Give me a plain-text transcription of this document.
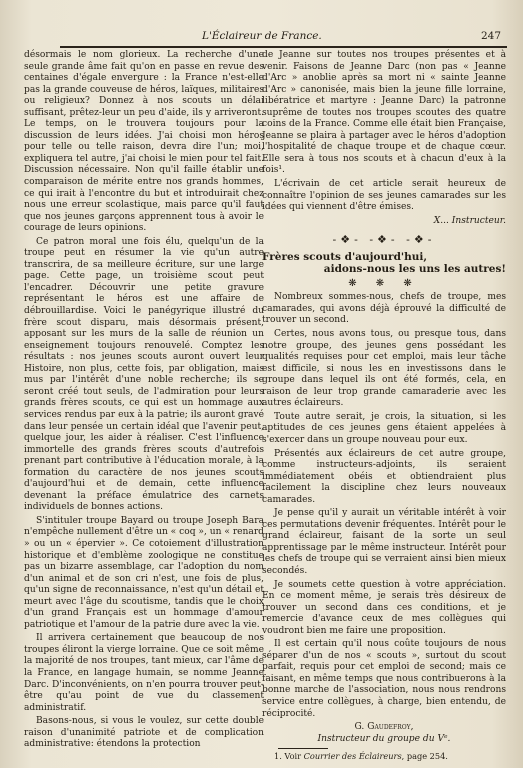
L'Éclaireur de France.	247

désormais le nom glorieux. La recherche d'une seule grande âme fait qu'on en passe en revue des centaines d'égale envergure : la France n'est-elle pas la grande couveuse de héros, laïques, militaires ou religieux? Donnez à nos scouts un délai suffisant, prêtez-leur un peu d'aide, ils y arriveront. Le temps, on le trouvera toujours pour la discussion de leurs idées. J'ai choisi mon héros pour telle ou telle raison, devra dire l'un; moi, expliquera tel autre, j'ai choisi le mien pour tel fait. Discussion nécessaire. Non qu'il faille établir une comparaison de mérite entre nos grands hommes, ce qui irait à l'encontre du but et introduirait chez nous une erreur scolastique, mais parce qu'il faut que nos jeunes garçons apprennent tous à avoir le courage de leurs opinions.

Ce patron moral une fois élu, quelqu'un de la troupe peut en résumer la vie qu'un autre transcrira, de sa meilleure écriture, sur une large page. Cette page, un troisième scout peut l'encadrer. Découvrir une petite gravure représentant le héros est une affaire de débrouillardise. Voici le panégyrique illustré du frère scout disparu, mais désormais présent, apposant sur les murs de la salle de réunion un enseignement toujours renouvelé. Comptez les résultats : nos jeunes scouts auront ouvert leur Histoire, non plus, cette fois, par obligation, mais mus par l'intérêt d'une noble recherche; ils se seront créé tout seuls, de l'admiration pour leurs grands frères scouts, ce qui est un hommage aux services rendus par eux à la patrie; ils auront gravé dans leur pensée un certain idéal que l'avenir peut, quelque jour, les aider à réaliser. C'est l'influence immortelle des grands frères scouts d'autrefois prenant part contributive à l'éducation morale, à la formation du caractère de nos jeunes scouts d'aujourd'hui et de demain, cette influence devenant la préface émulatrice des carnets individuels de bonnes actions.

S'intituler troupe Bayard ou troupe Joseph Bara n'empêche nullement d'être un « coq », un « renard » ou un « épervier ». Ce cotoiement d'illustration historique et d'emblème zoologique ne constitue pas un bizarre assemblage, car l'adoption du nom d'un animal et de son cri n'est, une fois de plus, qu'un signe de reconnaissance, n'est qu'un détail et meurt avec l'âge du scoutisme, tandis que le choix d'un grand Français est un hommage d'amour patriotique et l'amour de la patrie dure avec la vie.

Il arrivera certainement que beaucoup de nos troupes éliront la vierge lorraine. Que ce soit même la majorité de nos troupes, tant mieux, car l'âme de la France, en langage humain, se nomme Jeanne Darc. D'inconvénients, on n'en pourra trouver peut-être qu'au point de vue du classement administratif.

Basons-nous, si vous le voulez, sur cette double raison d'unanimité patriote et de complication administrative: étendons la protection

de Jeanne sur toutes nos troupes présentes et à venir. Faisons de Jeanne Darc (non pas « Jeanne d'Arc » anoblie après sa mort ni « sainte Jeanne d'Arc » canonisée, mais bien la jeune fille lorraine, libératrice et martyre : Jeanne Darc) la patronne suprême de toutes nos troupes scoutes des quatre coins de la France. Comme elle était bien Française, Jeanne se plaira à partager avec le héros d'adoption l'hospitalité de chaque troupe et de chaque cœur. Elle sera à tous nos scouts et à chacun d'eux à la fois¹.

L'écrivain de cet article serait heureux de connaître l'opinion de ses jeunes camarades sur les idées qui viennent d'être émises.

X... Instructeur.
-❖- -❖- -❖-
Frères scouts d'aujourd'hui,
aidons-nous les uns les autres!
❋ ❋ ❋

Nombreux sommes-nous, chefs de troupe, mes camarades, qui avons déjà éprouvé la difficulté de trouver un second.

Certes, nous avons tous, ou presque tous, dans notre groupe, des jeunes gens possédant les qualités requises pour cet emploi, mais leur tâche est difficile, si nous les en investissons dans le groupe dans lequel ils ont été formés, cela, en raison de leur trop grande camaraderie avec les autres éclaireurs.

Toute autre serait, je crois, la situation, si les aptitudes de ces jeunes gens étaient appelées à s'exercer dans un groupe nouveau pour eux.

Présentés aux éclaireurs de cet autre groupe, comme instructeurs-adjoints, ils seraient immédiatement obéis et obtiendraient plus facilement la discipline chez leurs nouveaux camarades.

Je pense qu'il y aurait un véritable intérêt à voir ces permutations devenir fréquentes. Intérêt pour le grand éclaireur, faisant de la sorte un seul apprentissage par le même instructeur. Intérêt pour les chefs de troupe qui se verraient ainsi bien mieux secondés.

Je soumets cette question à votre appréciation. En ce moment même, je serais très désireux de trouver un second dans ces conditions, et je remercie d'avance ceux de mes collègues qui voudront bien me faire une proposition.

Il est certain qu'il nous coûte toujours de nous séparer d'un de nos « scouts », surtout du scout parfait, requis pour cet emploi de second; mais ce faisant, en même temps que nous contribuerons à la bonne marche de l'association, nous nous rendrons service entre collègues, à charge, bien entendu, de réciprocité.

G. Gaudefroy,
Instructeur du groupe du Vᵉ.

1. Voir Courrier des Éclaireurs, page 254.
